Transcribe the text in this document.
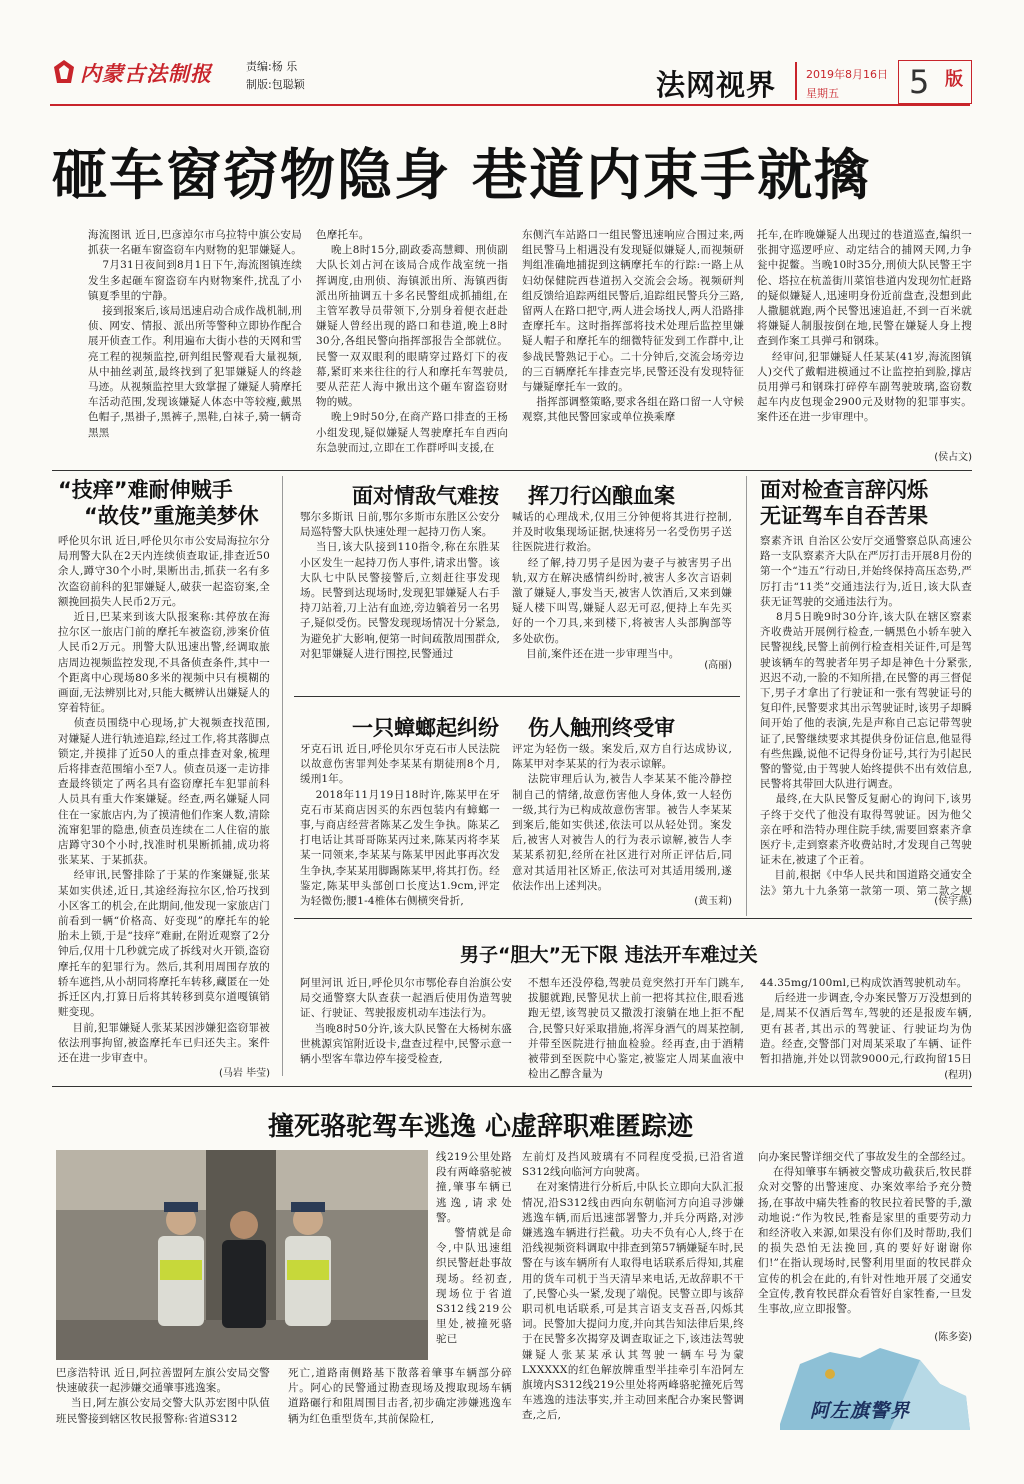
内蒙古法制报	责编:杨 乐
制版:包聪颖	法网视界	2019年8月16日
星期五 5 版
砸车窗窃物隐身 巷道内束手就擒
海流图讯 近日,巴彦淖尔市乌拉特中旗公安局抓获一名砸车窗盗窃车内财物的犯罪嫌疑人。
7月31日夜间到8月1日下午,海流图镇连续发生多起砸车窗盗窃车内财物案件,扰乱了小镇夏季里的宁静。
接到报案后,该局迅速启动合成作战机制,刑侦、网安、情报、派出所等警种立即协作配合展开侦查工作。利用遍布大街小巷的天网和雪亮工程的视频监控,研判组民警观看大量视频,从中抽丝剥茧,最终找到了犯罪嫌疑人的终趁马迹。从视频监控里大致掌握了嫌疑人骑摩托车活动范围,发现该嫌疑人体态中等较瘦,戴黑色帽子,黑褂子,黑裤子,黑鞋,白袜子,骑一辆奇黑黑
色摩托车。
晚上8时15分,副政委高慧卿、刑侦副大队长刘占河在该局合成作战室统一指挥调度,由刑侦、海镇派出所、海镇西街派出所抽调五十多名民警组成抓捕组,在主管军教导员带领下,分别身着便衣赶赴嫌疑人曾经出现的路口和巷道,晚上8时30分,各组民警向指挥部报告全部就位。民警一双双眼利的眼睛穿过路灯下的夜幕,紧盯来来往往的行人和摩托车驾驶员,要从茫茫人海中揪出这个砸车窗盗窃财物的贼。
晚上9时50分,在商产路口排查的王杨小组发现,疑似嫌疑人驾驶摩托车自西向东急驶而过,立即在工作群呼叫支援,在
东侧汽车站路口一组民警迅速响应合围过来,两组民警马上相遇没有发现疑似嫌疑人,而视频研判组准确地捕捉到这辆摩托车的行踪:一路上从妇幼保健院西巷道拐入交流会会场。视频研判组反馈给追踪两组民警后,追踪组民警兵分三路,留两人在路口把守,两人进会场找人,两人沿路排查摩托车。这时指挥部将技术处理后监控里嫌疑人帽子和摩托车的细微特征发到工作群中,让参战民警熟记于心。二十分钟后,交流会场旁边的三百辆摩托车排查完毕,民警还没有发现特征与嫌疑摩托车一致的。
指挥部调整策略,要求各组在路口留一人守候观察,其他民警回家或单位换乘摩
托车,在昨晚嫌疑人出现过的巷道巡查,编织一张拥守巡逻呼应、动定结合的捕网天网,力争瓮中捉鳖。当晚10时35分,刑侦大队民警王宇伦、塔拉在杭盖街川菜馆巷道内发现勿忙赶路的疑似嫌疑人,迅速明身份近前盘查,没想到此人撒腿就跑,两个民警迅速追赶,不到一百米就将嫌疑人制服按倒在地,民警在嫌疑人身上搜查到作案工具弹弓和钢珠。
经审问,犯罪嫌疑人任某某(41岁,海流图镇人)交代了戴帽进模通过不让监控拍到脸,撑店员用弹弓和钢珠打碎停车副驾驶玻璃,盗窃数起车内皮包现金2900元及财物的犯罪事实。案件还在进一步审理中。
(侯占文)
“技痒”难耐伸贼手
“故伎”重施美梦休
呼伦贝尔讯 近日,呼伦贝尔市公安局海拉尔分局刑警大队在2天内连续侦查取证,排查近50余人,蹲守30个小时,果断出击,抓获一名有多次盗窃前科的犯罪嫌疑人,破获一起盗窃案,全额挽回损失人民币2万元。
近日,巴某来到该大队报案称:其停放在海拉尔区一旅店门前的摩托车被盗窃,涉案价值人民币2万元。刑警大队迅速出警,经调取旅店周边视频监控发现,不具备侦查条件,其中一个距离中心现场80多米的视频中只有模糊的画面,无法辨别比对,只能大概辨认出嫌疑人的穿着特征。
侦查员围绕中心现场,扩大视频查找范围,对嫌疑人进行轨迹追踪,经过工作,将其落脚点锁定,并摸排了近50人的重点排查对象,梳理后将排查范围缩小至7人。侦查员逐一走访排查最终锁定了两名具有盗窃摩托车犯罪前科人员具有重大作案嫌疑。经查,两名嫌疑人同住在一家旅店内,为了摸清他们作案人数,清除流窜犯罪的隐患,侦查员连续在二人住宿的旅店蹲守30个小时,找准时机果断抓捕,成功将张某某、于某抓获。
经审讯,民警排除了于某的作案嫌疑,张某某如实供述,近日,其途经海拉尔区,恰巧找到小区客工的机会,在此期间,他发现一家旅店门前看到一辆“价格高、好变现”的摩托车的轮胎未上锁,于是“技痒”难耐,在附近观察了2分钟后,仅用十几秒就完成了拆线对火开锁,盗窃摩托车的犯罪行为。然后,其利用周围存放的轿车遮挡,从小胡同将摩托车转移,藏匿在一处拆迁区内,打算日后将其转移到莫尔道嘎镇销赃变现。
目前,犯罪嫌疑人张某某因涉嫌犯盗窃罪被依法刑事拘留,被盗摩托车已归还失主。案件还在进一步审查中。
(马岩 毕莹)
面对情敌气难按
鄂尔多斯讯 日前,鄂尔多斯市东胜区公安分局巡特警大队快速处理一起持刀伤人案。
当日,该大队接到110指令,称在东胜某小区发生一起持刀伤人事件,请求出警。该大队七中队民警接警后,立刻赶往事发现场。民警到达现场时,发现犯罪嫌疑人右手持刀站着,刀上沾有血迹,旁边躺着另一名男子,疑似受伤。民警发现现场情况十分紧急,为避免扩大影响,便第一时间疏散周围群众,对犯罪嫌疑人进行围控,民警通过
挥刀行凶酿血案
喊话的心理战术,仅用三分钟便将其进行控制,并及时收集现场证据,快速将另一名受伤男子送往医院进行救治。
经了解,持刀男子是因为妻子与被害男子出轨,双方在解决感情纠纷时,被害人多次言语刺激了嫌疑人,事发当天,被害人饮酒后,又来到嫌疑人楼下叫骂,嫌疑人忍无可忍,便持上车先买好的一个刀具,来到楼下,将被害人头部胸部等多处砍伤。
目前,案件还在进一步审理当中。
(高丽)
一只蟑螂起纠纷
牙克石讯 近日,呼伦贝尔牙克石市人民法院以故意伤害罪判处李某某有期徒刑8个月,缓刑1年。
2018年11月19日18时许,陈某甲在牙克石市某商店因买的东西包装内有蟑螂一事,与商店经营者陈某乙发生争执。陈某乙打电话让其哥哥陈某丙过来,陈某丙将李某某一同领来,李某某与陈某甲因此事再次发生争执,李某某用脚踢陈某甲,将其打伤。经鉴定,陈某甲头部创口长度达1.9cm,评定为轻微伤;腰1-4椎体右侧横突骨折,
伤人触刑终受审
评定为轻伤一级。案发后,双方自行达成协议,陈某甲对李某某的行为表示谅解。
法院审理后认为,被告人李某某不能冷静控制自己的情绪,故意伤害他人身体,致一人轻伤一级,其行为已构成故意伤害罪。被告人李某某到案后,能如实供述,依法可以从轻处罚。案发后,被害人对被告人的行为表示谅解,被告人李某某系初犯,经所在社区进行对所正评估后,同意对其适用社区矫正,依法可对其适用缓刑,遂依法作出上述判决。
(黄玉莉)
面对检查言辞闪烁
无证驾车自吞苦果
察素齐讯 自治区公安厅交通警察总队高速公路一支队察素齐大队在严厉打击开展8月份的第一个“违五”行动日,并始终保持高压态势,严厉打击“11类”交通违法行为,近日,该大队查获无证驾驶的交通违法行为。
8月5日晚9时30分许,该大队在辖区察素齐收费站开展例行检查,一辆黑色小轿车驶入民警视线,民警上前例行检查相关证件,可是驾驶该辆车的驾驶者年男子却是神色十分紧张,迟迟不动,一脸的不知所措,在民警的再三督促下,男子才拿出了行驶证和一张有驾驶证号的复印件,民警要求其出示驾驶证时,该男子却瞬间开始了他的表演,先是声称自己忘记带驾驶证了,民警继续要求其提供身份证信息,他显得有些焦躁,说他不记得身份证号,其行为引起民警的警觉,由于驾驶人始终提供不出有效信息,民警将其带回大队进行调查。
最终,在大队民警反复耐心的询问下,该男子终于交代了他没有取得驾驶证。因为他父亲在呼和浩特办理住院手续,需要回察素齐拿医疗卡,走到察素齐收费站时,才发现自己驾驶证未在,被逮了个正着。
目前,根据《中华人民共和国道路交通安全法》第九十九条第一款第一项、第二款之规
(侯宇燕)
男子“胆大”无下限 违法开车难过关
阿里河讯 近日,呼伦贝尔市鄂伦春自治旗公安局交通警察大队查获一起酒后使用伪造驾驶证、行驶证、驾驶报废机动车违法行为。
当晚8时50分许,该大队民警在大杨树东盛世桃源宾馆附近设卡,盘查过程中,民警示意一辆小型客车靠边停车接受检查,
不想车还没停稳,驾驶员竟突然打开车门跳车,拔腿就跑,民警见状上前一把将其拉住,眼看逃跑无望,该驾驶员又撒泼打滚躺在地上拒不配合,民警只好采取措施,将浑身酒气的周某控制,并带至医院进行抽血检验。经再查,由于酒精被带到至医院中心鉴定,被鉴定人周某血液中检出乙醇含量为
44.35mg/100ml,已构成饮酒驾驶机动车。
后经进一步调查,令办案民警万万没想到的是,周某不仅酒后驾车,驾驶的还是报废车辆,更有甚者,其出示的驾驶证、行驶证均为伪造。经查,交警部门对周某采取了车辆、证件暂扣措施,并处以罚款9000元,行政拘留15日
(程玥)
撞死骆驼驾车逃逸 心虚辞职难匿踪迹
线219公里处路段有两峰骆驼被撞,肇事车辆已逃逸,请求处警。
警情就是命令,中队迅速组织民警赶赴事故现场。经初查,现场位于省道S312线219公里处,被撞死骆驼已
巴彦浩特讯 近日,阿拉善盟阿左旗公安局交警快速破获一起涉嫌交通肇事逃逸案。
当日,阿左旗公安局交警大队苏宏图中队值班民警接到辖区牧民报警称:省道S312
死亡,道路南侧路基下散落着肇事车辆部分碎片。阿心的民警通过勘查现场及搜取现场车辆道路碾行和阻周围目击者,初步确定涉嫌逃逸车辆为红色重型货车,其前保险杠,
左前灯及挡风玻璃有不同程度受损,已沿省道S312线向临河方向驶离。
在对案情进行分析后,中队长立即向大队汇报情况,沿S312线由西向东朝临河方向追寻涉嫌逃逸车辆,而后迅速部署警力,并兵分两路,对涉嫌逃逸车辆进行拦截。功夫不负有心人,终于在沿线视频资料调取中排查到第57辆嫌疑车时,民警在与该车辆所有人取得电话联系后得知,其雇用的货车司机于当天清早来电话,无故辞职不干了,民警心头一紧,发现了端倪。民警立即与该辞职司机电话联系,可是其言语支支吾吾,闪烁其词。民警加大提问力度,并向其告知法律后果,终于在民警多次揭穿及调查取证之下,该违法驾驶嫌疑人张某某承认其驾驶一辆车号为蒙LXXXXX的红色解放牌重型半挂牵引车沿阿左旗境内S312线219公里处将两峰骆驼撞死后驾车逃逸的违法事实,并主动回来配合办案民警调查,之后,
向办案民警详细交代了事故发生的全部经过。
在得知肇事车辆被交警成功截获后,牧民群众对交警的出警速度、办案效率给予充分赞扬,在事故中痛失牲畜的牧民拉着民警的手,激动地说:“作为牧民,牲畜是家里的重要劳动力和经济收入来源,如果没有你们及时帮助,我们的损失恐怕无法挽回,真的要好好谢谢你们!”在指认现场时,民警利用里面的牧民群众宣传的机会在此的,有针对性地开展了交通安全宣传,教育牧民群众看管好自家牲畜,一旦发生事故,应立即报警。
(陈多姿)
阿左旗警界
